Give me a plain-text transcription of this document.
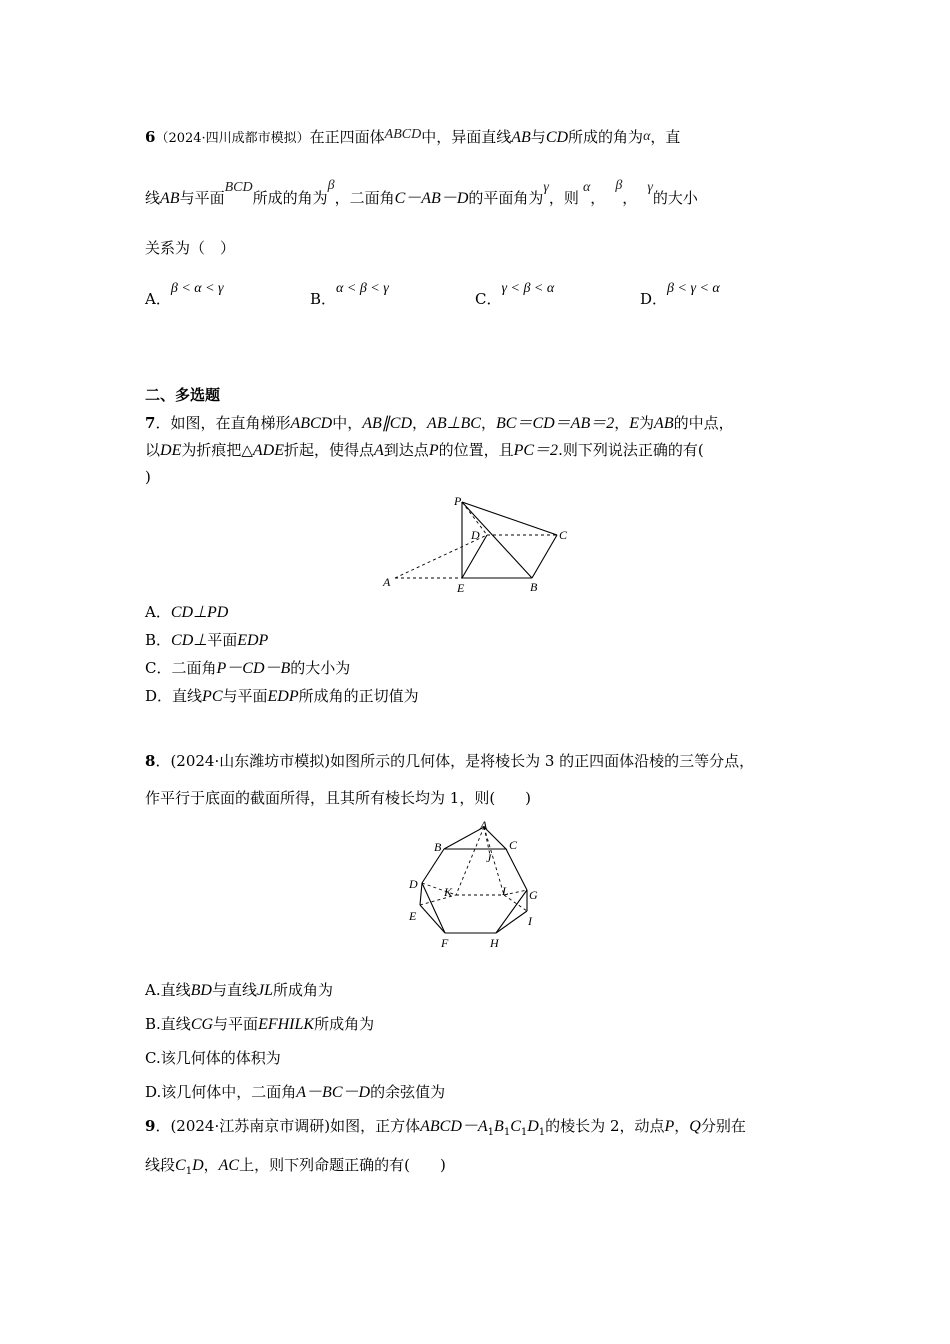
6（2024·四川成都市模拟）在正四面体ABCD中，异面直线AB与CD所成的角为α，直
线AB与平面BCD所成的角为β，二面角C－AB－D的平面角为γ，则α，β，γ的大小
关系为（　）
A．β < α < γ
B．α < β < γ
C．γ < β < α
D．β < γ < α
二、多选题
7．如图，在直角梯形ABCD中，AB∥CD，AB⊥BC，BC＝CD＝AB＝2，E为AB的中点，
以DE为折痕把△ADE折起，使得点A到达点P的位置，且PC＝2.则下列说法正确的有(
)
P
D	C
A	E	B
A．CD⊥PD
B．CD⊥平面EDP
C．二面角P－CD－B的大小为
D．直线PC与平面EDP所成角的正切值为
8．(2024·山东潍坊市模拟)如图所示的几何体，是将棱长为 3 的正四面体沿棱的三等分点，
作平行于底面的截面所得，且其所有棱长均为 1，则(　　)
A
B	C
J
D
K	L G
E	I
F	H
A.直线BD与直线JL所成角为
B.直线CG与平面EFHILK所成角为
C.该几何体的体积为
D.该几何体中，二面角A－BC－D的余弦值为
9．(2024·江苏南京市调研)如图，正方体$ABCD-A_1B_1C_1D_1$的棱长为 2，动点P，Q分别在
线段$C_1D$，AC上，则下列命题正确的有(　　)
